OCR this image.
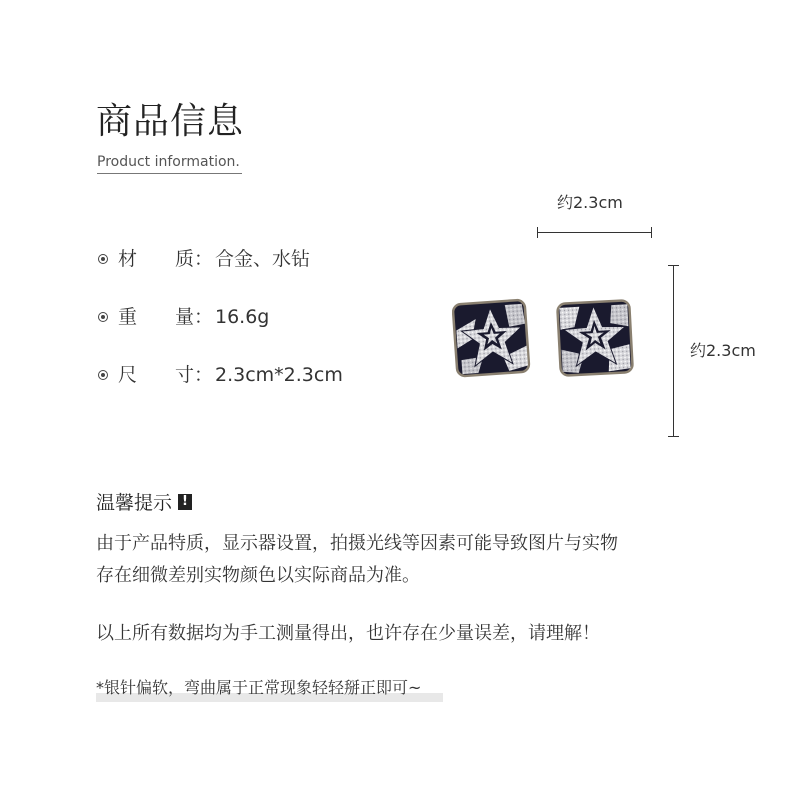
商品信息
Product information.
材　　质： 合金、水钻
重　　量： 16.6g
尺　　寸： 2.3cm*2.3cm
约2.3cm
约2.3cm
温馨提示 !
由于产品特质，显示器设置，拍摄光线等因素可能导致图片与实物
存在细微差别实物颜色以实际商品为准。
以上所有数据均为手工测量得出，也许存在少量误差，请理解！
*银针偏软，弯曲属于正常现象轻轻掰正即可~
